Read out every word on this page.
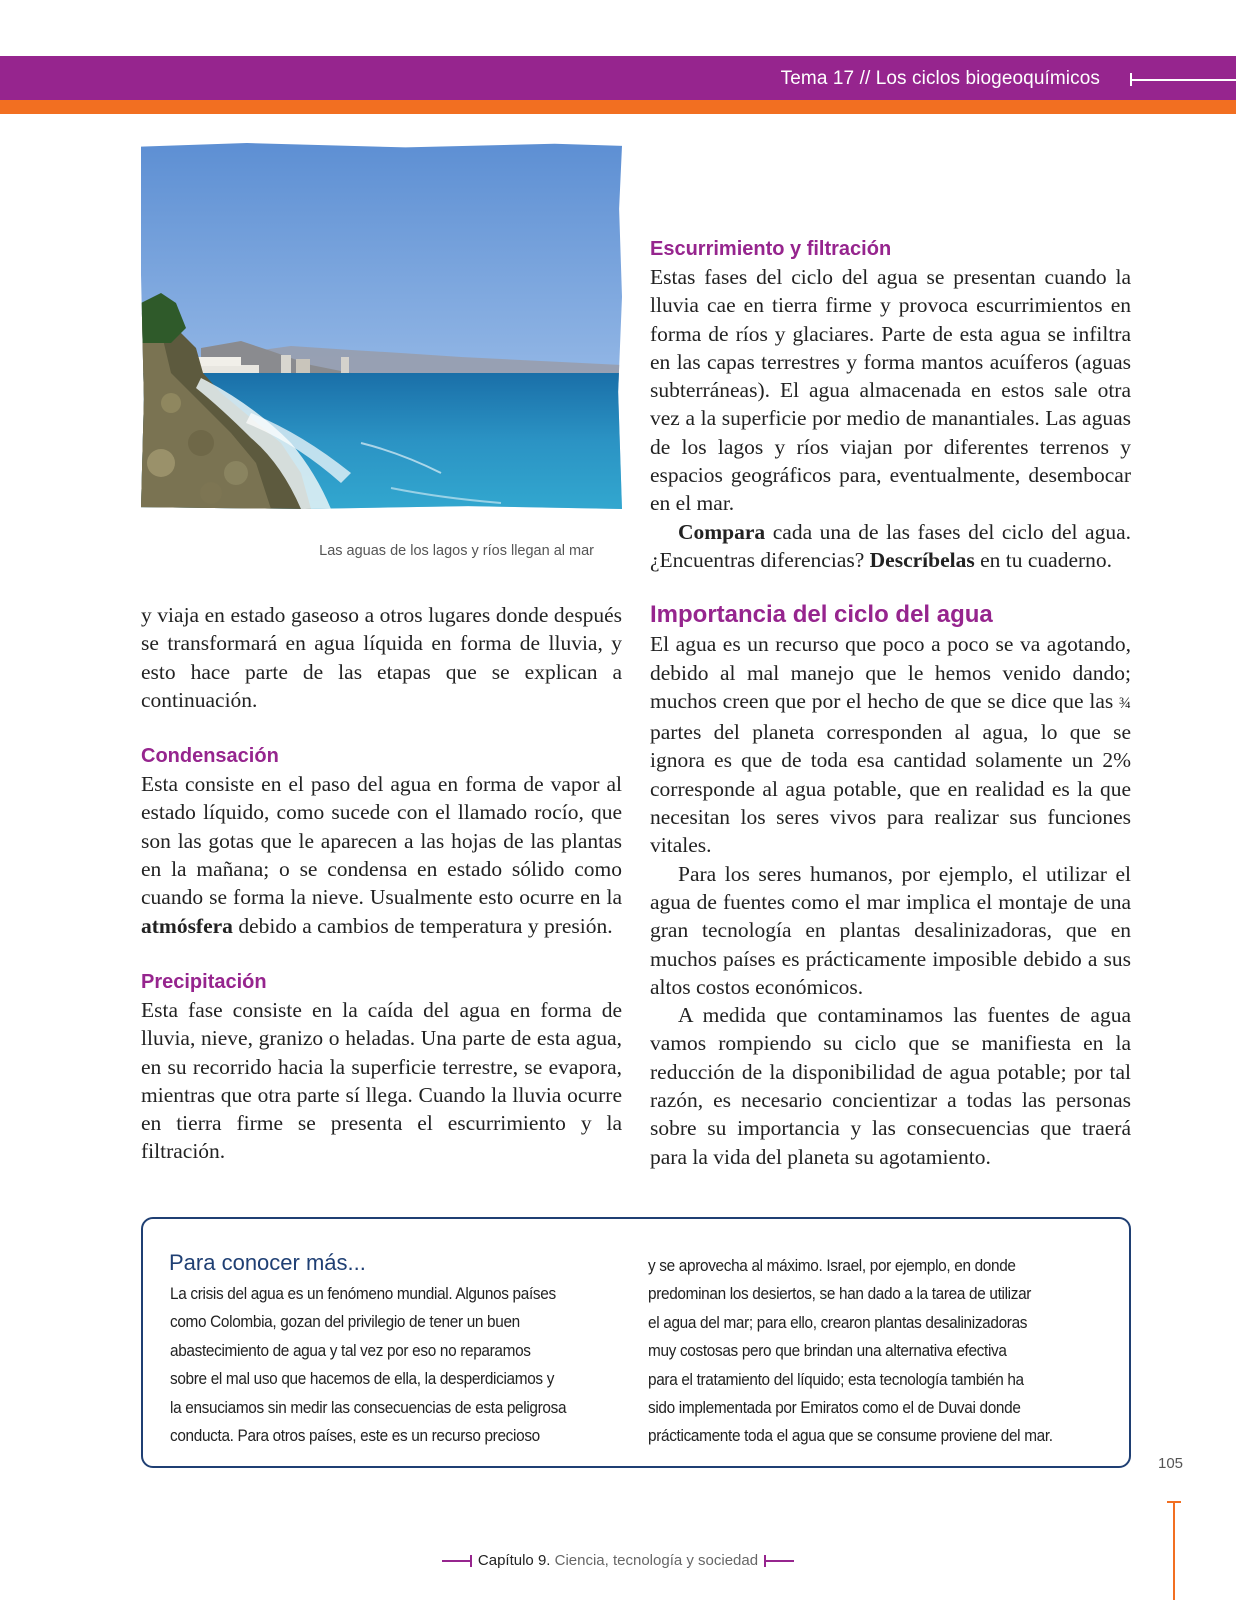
Tema 17 // Los ciclos biogeoquímicos
Las aguas de los lagos y ríos llegan al mar

y viaja en estado gaseoso a otros lugares donde después se transformará en agua líquida en forma de lluvia, y esto hace parte de las etapas que se explican a continuación.

Condensación

Esta consiste en el paso del agua en forma de vapor al estado líquido, como sucede con el llamado rocío, que son las gotas que le aparecen a las hojas de las plantas en la mañana; o se condensa en estado sólido como cuando se forma la nieve. Usualmente esto ocurre en la atmósfera debido a cambios de temperatura y presión.

Precipitación

Esta fase consiste en la caída del agua en forma de lluvia, nieve, granizo o heladas. Una parte de esta agua, en su recorrido hacia la superficie terrestre, se evapora, mientras que otra parte sí llega. Cuando la lluvia ocurre en tierra firme se presenta el escurrimiento y la filtración.

Escurrimiento y filtración

Estas fases del ciclo del agua se presentan cuando la lluvia cae en tierra firme y provoca escurrimientos en forma de ríos y glaciares. Parte de esta agua se infiltra en las capas terrestres y forma mantos acuíferos (aguas subterráneas). El agua almacenada en estos sale otra vez a la superficie por medio de manantiales. Las aguas de los lagos y ríos viajan por diferentes terrenos y espacios geográficos para, eventualmente, desembocar en el mar.

Compara cada una de las fases del ciclo del agua. ¿Encuentras diferencias? Descríbelas en tu cuaderno.

Importancia del ciclo del agua

El agua es un recurso que poco a poco se va agotando, debido al mal manejo que le hemos venido dando; muchos creen que por el hecho de que se dice que las ¾ partes del planeta corresponden al agua, lo que se ignora es que de toda esa cantidad solamente un 2% corresponde al agua potable, que en realidad es la que necesitan los seres vivos para realizar sus funciones vitales.

Para los seres humanos, por ejemplo, el utilizar el agua de fuentes como el mar implica el montaje de una gran tecnología en plantas desalinizadoras, que en muchos países es prácticamente imposible debido a sus altos costos económicos.

A medida que contaminamos las fuentes de agua vamos rompiendo su ciclo que se manifiesta en la reducción de la disponibilidad de agua potable; por tal razón, es necesario concientizar a todas las personas sobre su importancia y las consecuencias que traerá para la vida del planeta su agotamiento.

Para conocer más...
La crisis del agua es un fenómeno mundial. Algunos países
como Colombia, gozan del privilegio de tener un buen
abastecimiento de agua y tal vez por eso no reparamos
sobre el mal uso que hacemos de ella, la desperdiciamos y
la ensuciamos sin medir las consecuencias de esta peligrosa
conducta. Para otros países, este es un recurso precioso
y se aprovecha al máximo. Israel, por ejemplo, en donde
predominan los desiertos, se han dado a la tarea de utilizar
el agua del mar; para ello, crearon plantas desalinizadoras
muy costosas pero que brindan una alternativa efectiva
para el tratamiento del líquido; esta tecnología también ha
sido implementada por Emiratos como el de Duvai donde
prácticamente toda el agua que se consume proviene del mar.
105
Capítulo 9. Ciencia, tecnología y sociedad
